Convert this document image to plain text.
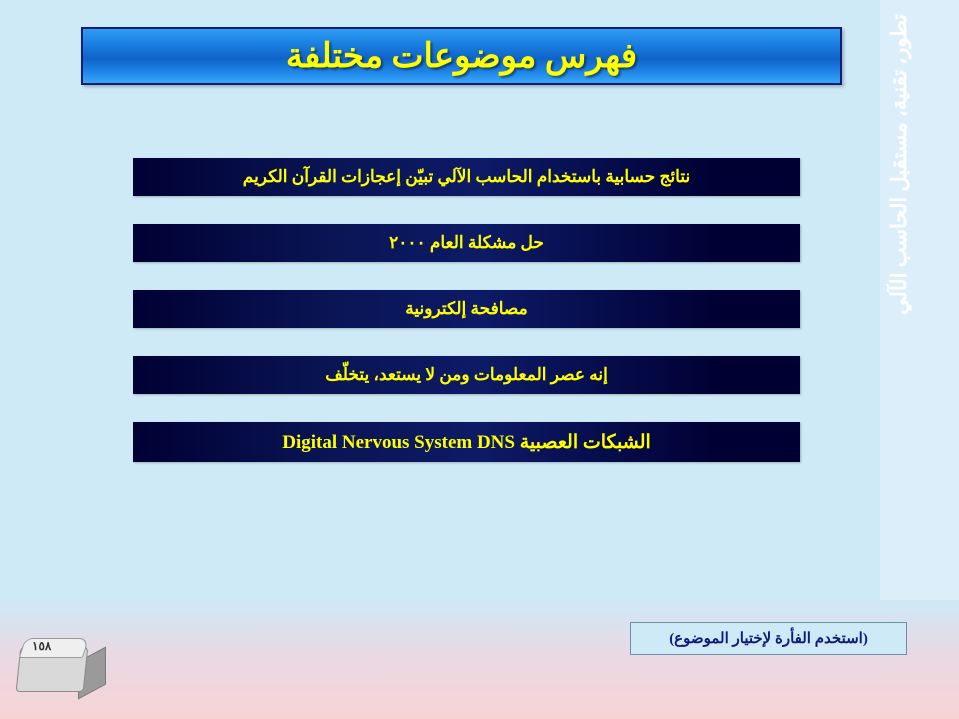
تطور، تقنية، مستقبل الحاسب الآلي
فهرس موضوعات مختلفة
نتائج حسابية باستخدام الحاسب الآلي تبيّن إعجازات القرآن الكريم
حل مشكلة العام ٢٠٠٠
مصافحة إلكترونية
إنه عصر المعلومات ومن لا يستعد، يتخلّف
الشبكات العصبية Digital Nervous System DNS
(استخدم الفأرة لإختيار الموضوع)
١٥٨
